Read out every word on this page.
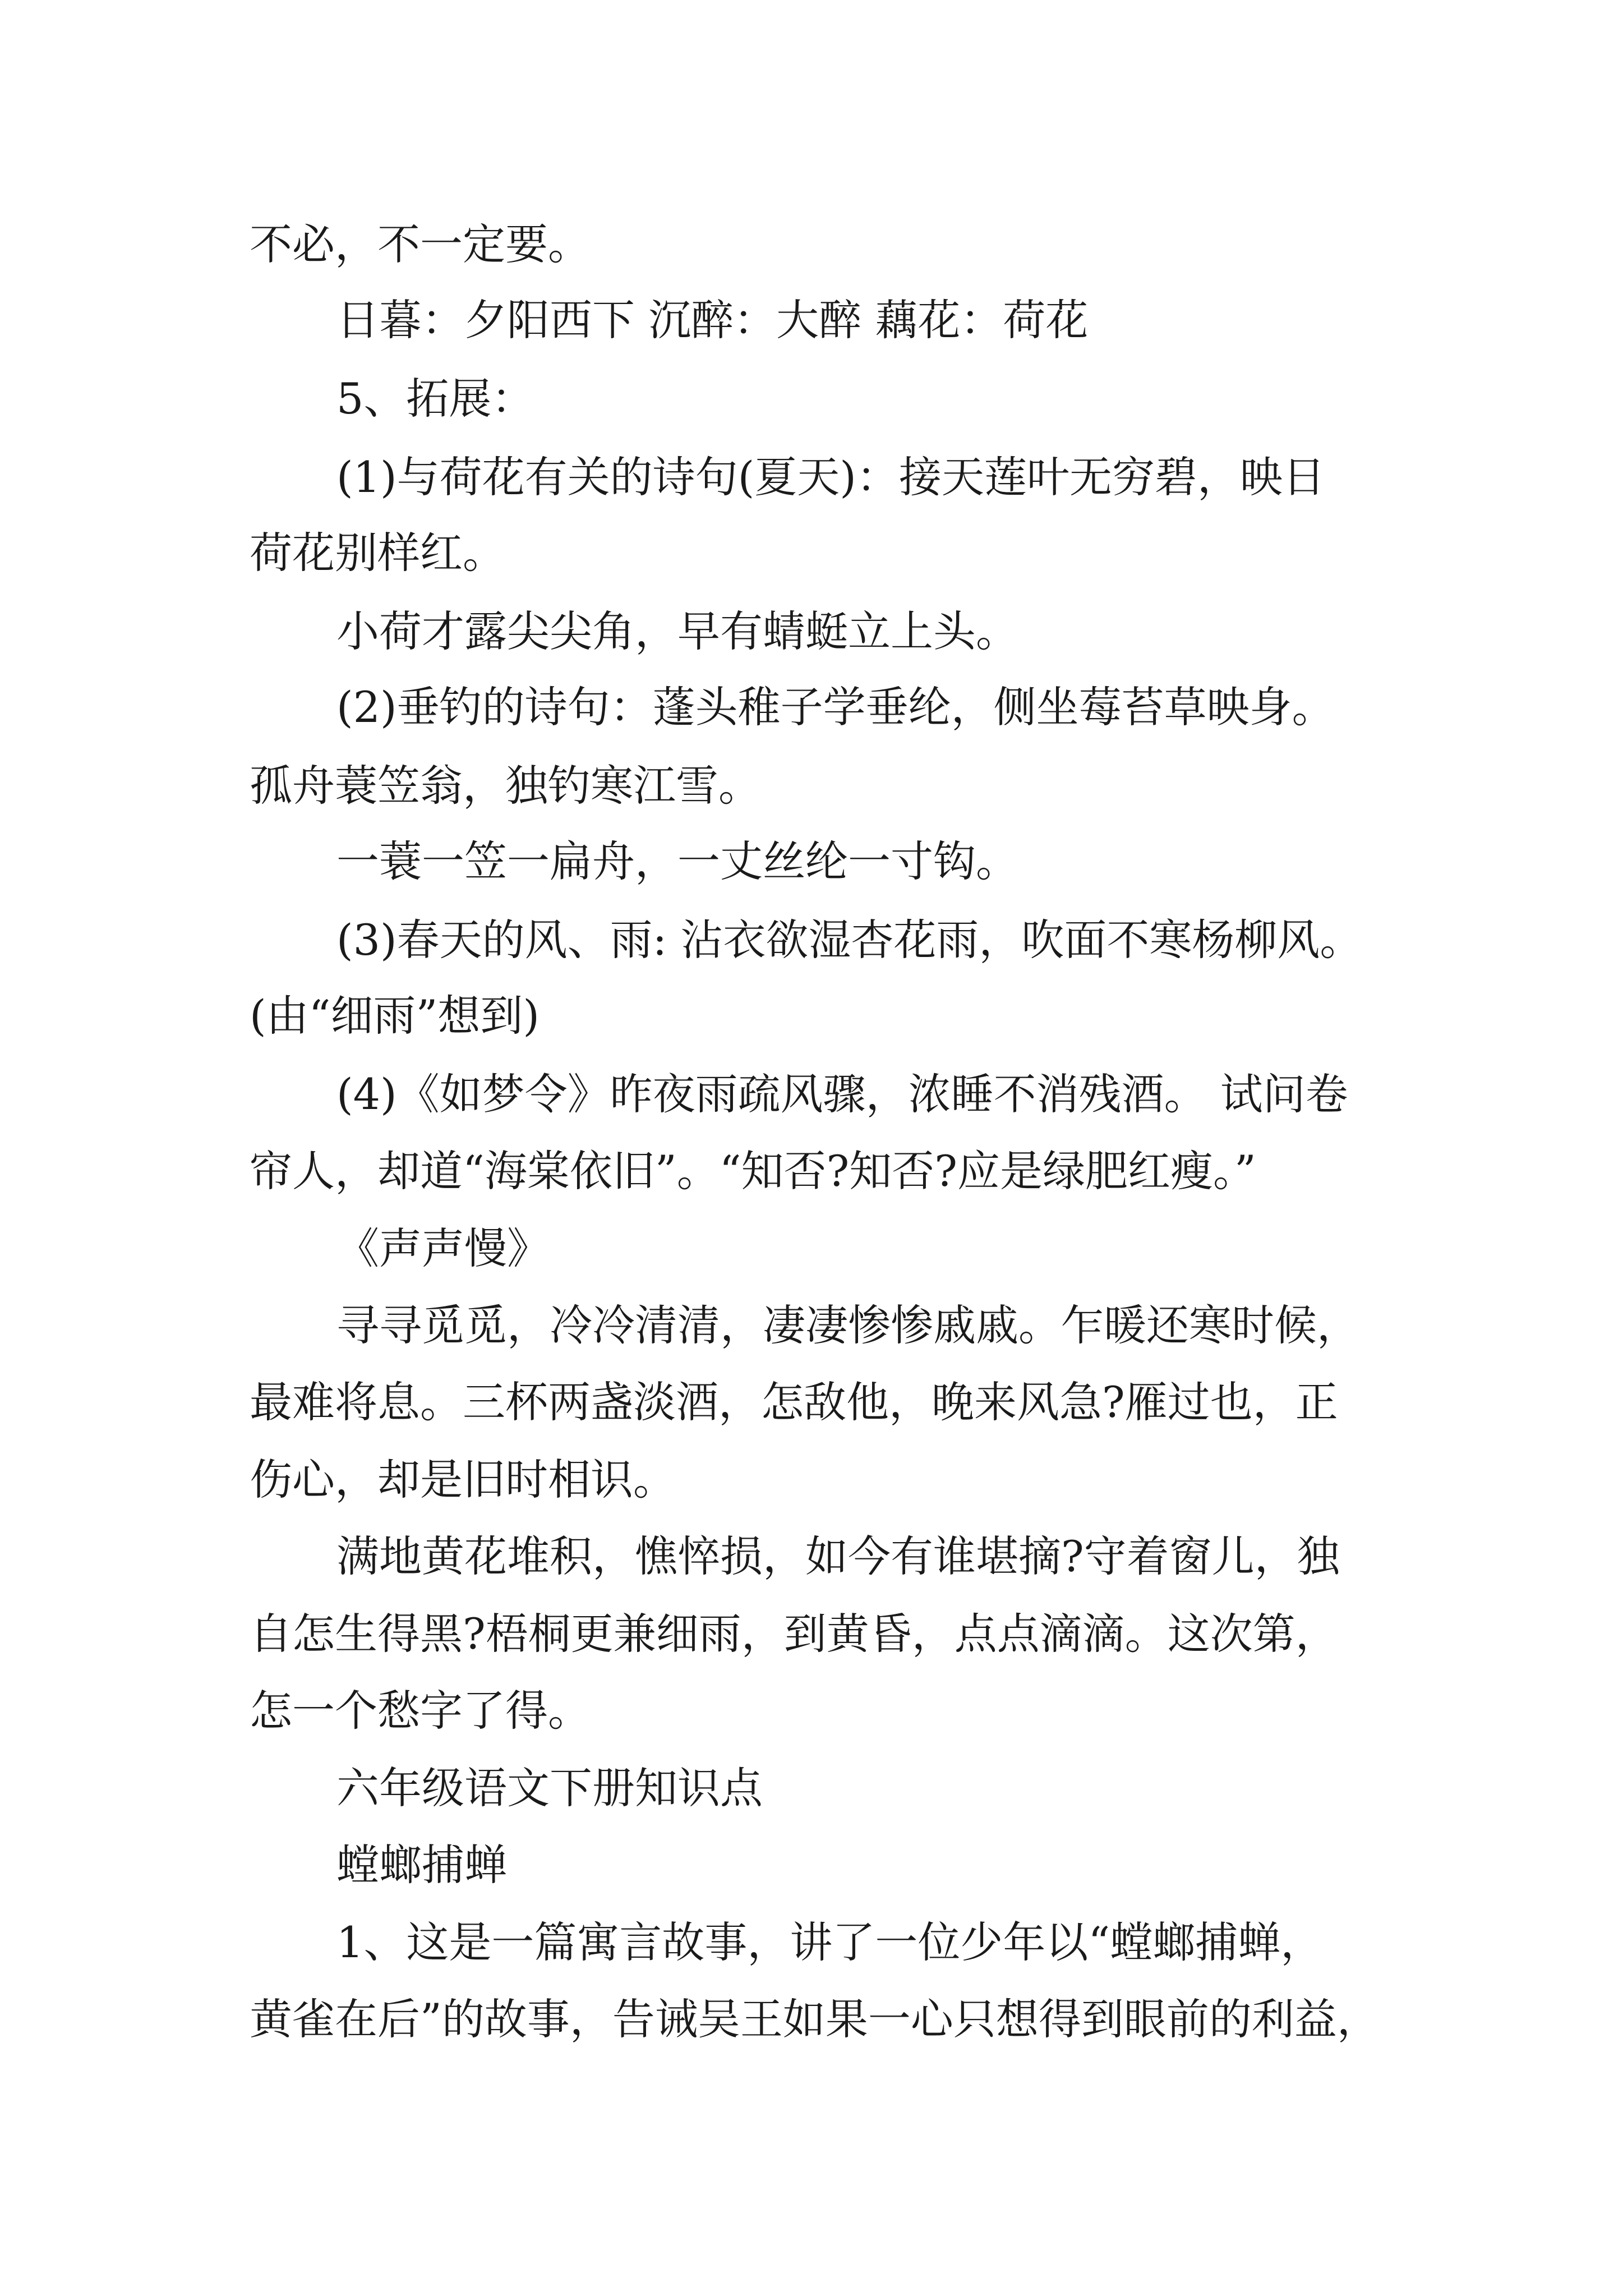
不必，不一定要。
日暮：夕阳西下 沉醉：大醉 藕花：荷花
5、拓展：
(1)与荷花有关的诗句(夏天)：接天莲叶无穷碧，映日
荷花别样红。
小荷才露尖尖角，早有蜻蜓立上头。
(2)垂钓的诗句：蓬头稚子学垂纶，侧坐莓苔草映身。
孤舟蓑笠翁，独钓寒江雪。
一蓑一笠一扁舟，一丈丝纶一寸钩。
(3)春天的风、雨: 沾衣欲湿杏花雨，吹面不寒杨柳风。
(由“细雨”想到)
(4)《如梦令》昨夜雨疏风骤，浓睡不消残酒。 试问卷
帘人，却道“海棠依旧”。“知否?知否?应是绿肥红瘦。”
《声声慢》
寻寻觅觅，冷冷清清，凄凄惨惨戚戚。乍暖还寒时候，
最难将息。三杯两盏淡酒，怎敌他，晚来风急?雁过也，正
伤心，却是旧时相识。
满地黄花堆积，憔悴损，如今有谁堪摘?守着窗儿，独
自怎生得黑?梧桐更兼细雨，到黄昏，点点滴滴。这次第，
怎一个愁字了得。
六年级语文下册知识点
螳螂捕蝉
1、这是一篇寓言故事，讲了一位少年以“螳螂捕蝉，
黄雀在后”的故事，告诫吴王如果一心只想得到眼前的利益，
